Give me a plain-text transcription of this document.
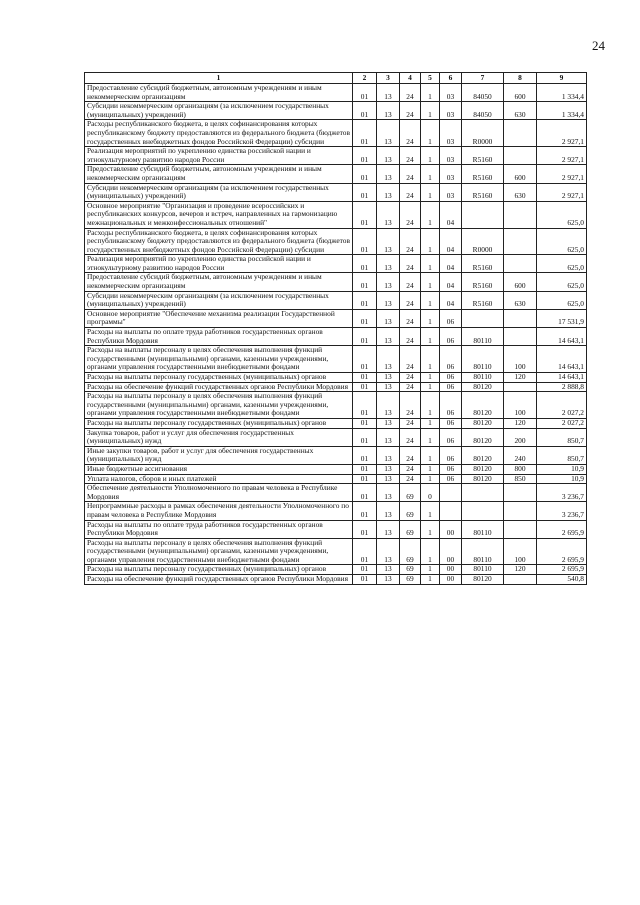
24
1	2	3	4	5	6	7	8	9
Предоставление субсидий бюджетным, автономным учреждениям и иным некоммерческим организациям	01	13	24	1	03	84050	600	1 334,4
Субсидии некоммерческим организациям (за исключением государственных (муниципальных) учреждений)	01	13	24	1	03	84050	630	1 334,4
Расходы республиканского бюджета, в целях софинансирования которых республиканскому бюджету предоставляются из федерального бюджета (бюджетов государственных внебюджетных фондов Российской Федерации) субсидии	01	13	24	1	03	R0000		2 927,1
Реализация мероприятий по укреплению единства российской нации и этнокультурному развитию народов России	01	13	24	1	03	R5160		2 927,1
Предоставление субсидий бюджетным, автономным учреждениям и иным некоммерческим организациям	01	13	24	1	03	R5160	600	2 927,1
Субсидии некоммерческим организациям (за исключением государственных (муниципальных) учреждений)	01	13	24	1	03	R5160	630	2 927,1
Основное мероприятие "Организация и проведение всероссийских и республиканских конкурсов, вечеров и встреч, направленных на гармонизацию межнациональных и межконфессиональных отношений"	01	13	24	1	04			625,0
Расходы республиканского бюджета, в целях софинансирования которых республиканскому бюджету предоставляются из федерального бюджета (бюджетов государственных внебюджетных фондов Российской Федерации) субсидии	01	13	24	1	04	R0000		625,0
Реализация мероприятий по укреплению единства российской нации и этнокультурному развитию народов России	01	13	24	1	04	R5160		625,0
Предоставление субсидий бюджетным, автономным учреждениям и иным некоммерческим организациям	01	13	24	1	04	R5160	600	625,0
Субсидии некоммерческим организациям (за исключением государственных (муниципальных) учреждений)	01	13	24	1	04	R5160	630	625,0
Основное мероприятие "Обеспечение механизма реализации Государственной программы"	01	13	24	1	06			17 531,9
Расходы на выплаты по оплате труда работников государственных органов Республики Мордовия	01	13	24	1	06	80110		14 643,1
Расходы на выплаты персоналу в целях обеспечения выполнения функций государственными (муниципальными) органами, казенными учреждениями, органами управления государственными внебюджетными фондами	01	13	24	1	06	80110	100	14 643,1
Расходы на выплаты персоналу государственных (муниципальных) органов	01	13	24	1	06	80110	120	14 643,1
Расходы на обеспечение функций государственных органов Республики Мордовия	01	13	24	1	06	80120		2 888,8
Расходы на выплаты персоналу в целях обеспечения выполнения функций государственными (муниципальными) органами, казенными учреждениями, органами управления государственными внебюджетными фондами	01	13	24	1	06	80120	100	2 027,2
Расходы на выплаты персоналу государственных (муниципальных) органов	01	13	24	1	06	80120	120	2 027,2
Закупка товаров, работ и услуг для обеспечения государственных (муниципальных) нужд	01	13	24	1	06	80120	200	850,7
Иные закупки товаров, работ и услуг для обеспечения государственных (муниципальных) нужд	01	13	24	1	06	80120	240	850,7
Иные бюджетные ассигнования	01	13	24	1	06	80120	800	10,9
Уплата налогов, сборов и иных платежей	01	13	24	1	06	80120	850	10,9
Обеспечение деятельности Уполномоченного по правам человека в Республике Мордовия	01	13	69	0				3 236,7
Непрограммные расходы в рамках обеспечения деятельности Уполномоченного по правам человека в Республике Мордовия	01	13	69	1				3 236,7
Расходы на выплаты по оплате труда работников государственных органов Республики Мордовия	01	13	69	1	00	80110		2 695,9
Расходы на выплаты персоналу в целях обеспечения выполнения функций государственными (муниципальными) органами, казенными учреждениями, органами управления государственными внебюджетными фондами	01	13	69	1	00	80110	100	2 695,9
Расходы на выплаты персоналу государственных (муниципальных) органов	01	13	69	1	00	80110	120	2 695,9
Расходы на обеспечение функций государственных органов Республики Мордовия	01	13	69	1	00	80120		540,8
